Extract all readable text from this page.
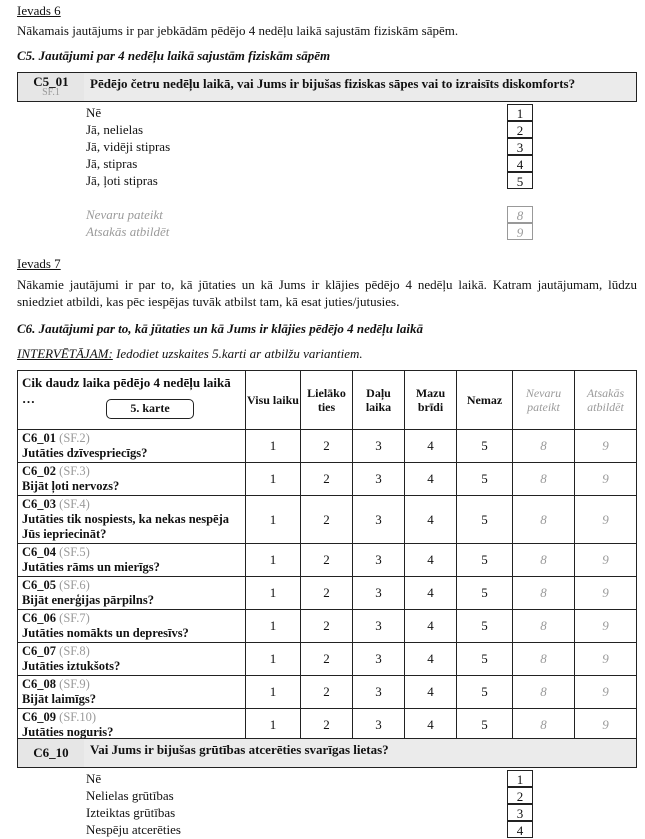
Ievads 6
Nākamais jautājums ir par jebkādām pēdējo 4 nedēļu laikā sajustām fiziskām sāpēm.
C5. Jautājumi par 4 nedēļu laikā sajustām fiziskām sāpēm
C5_01
SF.1
Pēdējo četru nedēļu laikā, vai Jums ir bijušas fiziskas sāpes vai to izraisīts diskomforts?
Nē	1
Jā, nelielas	2
Jā, vidēji stipras	3
Jā, stipras	4
Jā, ļoti stipras	5
Nevaru pateikt	8
Atsakās atbildēt	9
Ievads 7
Nākamie jautājumi ir par to, kā jūtaties un kā Jums ir klājies pēdējo 4 nedēļu laikā. Katram jautājumam, lūdzu sniedziet atbildi, kas pēc iespējas tuvāk atbilst tam, kā esat juties/jutusies.
C6. Jautājumi par to, kā jūtaties un kā Jums ir klājies pēdējo 4 nedēļu laikā
INTERVĒTĀJAM: Iedodiet uzskaites 5.karti ar atbilžu variantiem.
Cik daudz laika pēdējo 4 nedēļu laikā …
5. karte	Visu laiku	Lielāko ties	Daļu laika	Mazu brīdi	Nemaz	Nevaru pateikt	Atsakās atbildēt
C6_01 (SF.2)
Jutāties dzīvespriecīgs?	1	2	3	4	5	8	9
C6_02 (SF.3)
Bijāt ļoti nervozs?	1	2	3	4	5	8	9
C6_03 (SF.4)
Jutāties tik nospiests, ka nekas nespēja Jūs iepriecināt?	1	2	3	4	5	8	9
C6_04 (SF.5)
Jutāties rāms un mierīgs?	1	2	3	4	5	8	9
C6_05 (SF.6)
Bijāt enerģijas pārpilns?	1	2	3	4	5	8	9
C6_06 (SF.7)
Jutāties nomākts un depresīvs?	1	2	3	4	5	8	9
C6_07 (SF.8)
Jutāties iztukšots?	1	2	3	4	5	8	9
C6_08 (SF.9)
Bijāt laimīgs?	1	2	3	4	5	8	9
C6_09 (SF.10)
Jutāties noguris?	1	2	3	4	5	8	9
C6_10	Vai Jums ir bijušas grūtības atcerēties svarīgas lietas?
Nē	1
Nelielas grūtības	2
Izteiktas grūtības	3
Nespēju atcerēties	4
